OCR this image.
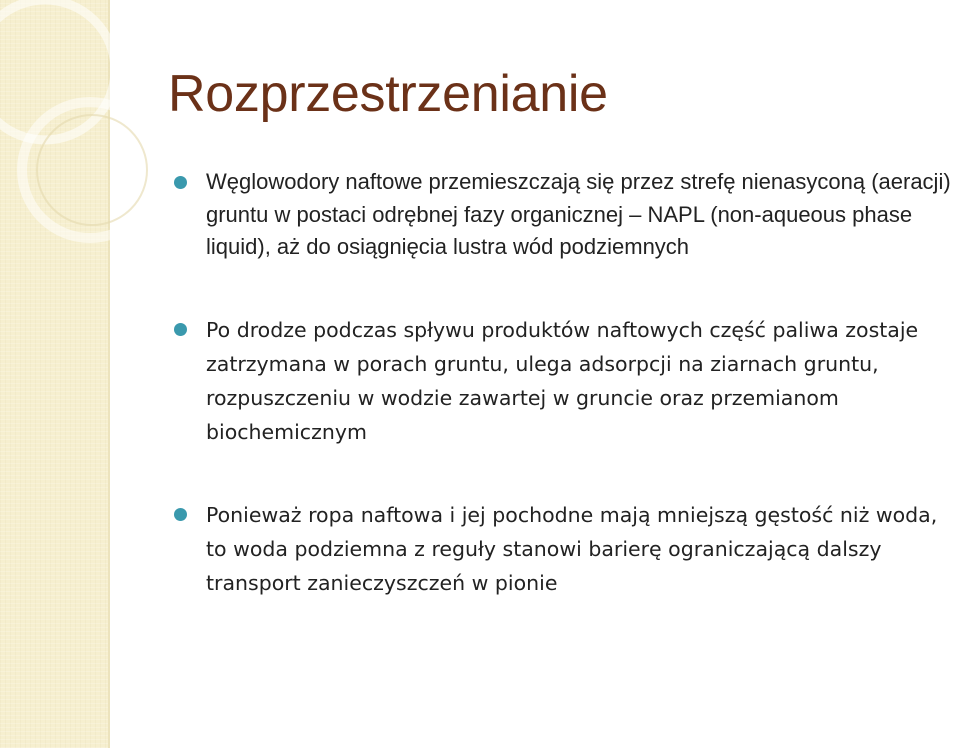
Rozprzestrzenianie
Węglowodory naftowe przemieszczają się przez strefę nienasyconą (aeracji) gruntu w postaci odrębnej fazy organicznej – NAPL (non-aqueous phase liquid), aż do osiągnięcia lustra wód podziemnych
Po drodze podczas spływu produktów naftowych część paliwa zostaje zatrzymana w porach gruntu, ulega adsorpcji na ziarnach gruntu, rozpuszczeniu w wodzie zawartej w gruncie oraz przemianom biochemicznym
Ponieważ ropa naftowa i jej pochodne mają mniejszą gęstość niż woda, to woda podziemna z reguły stanowi barierę ograniczającą dalszy transport zanieczyszczeń w pionie
